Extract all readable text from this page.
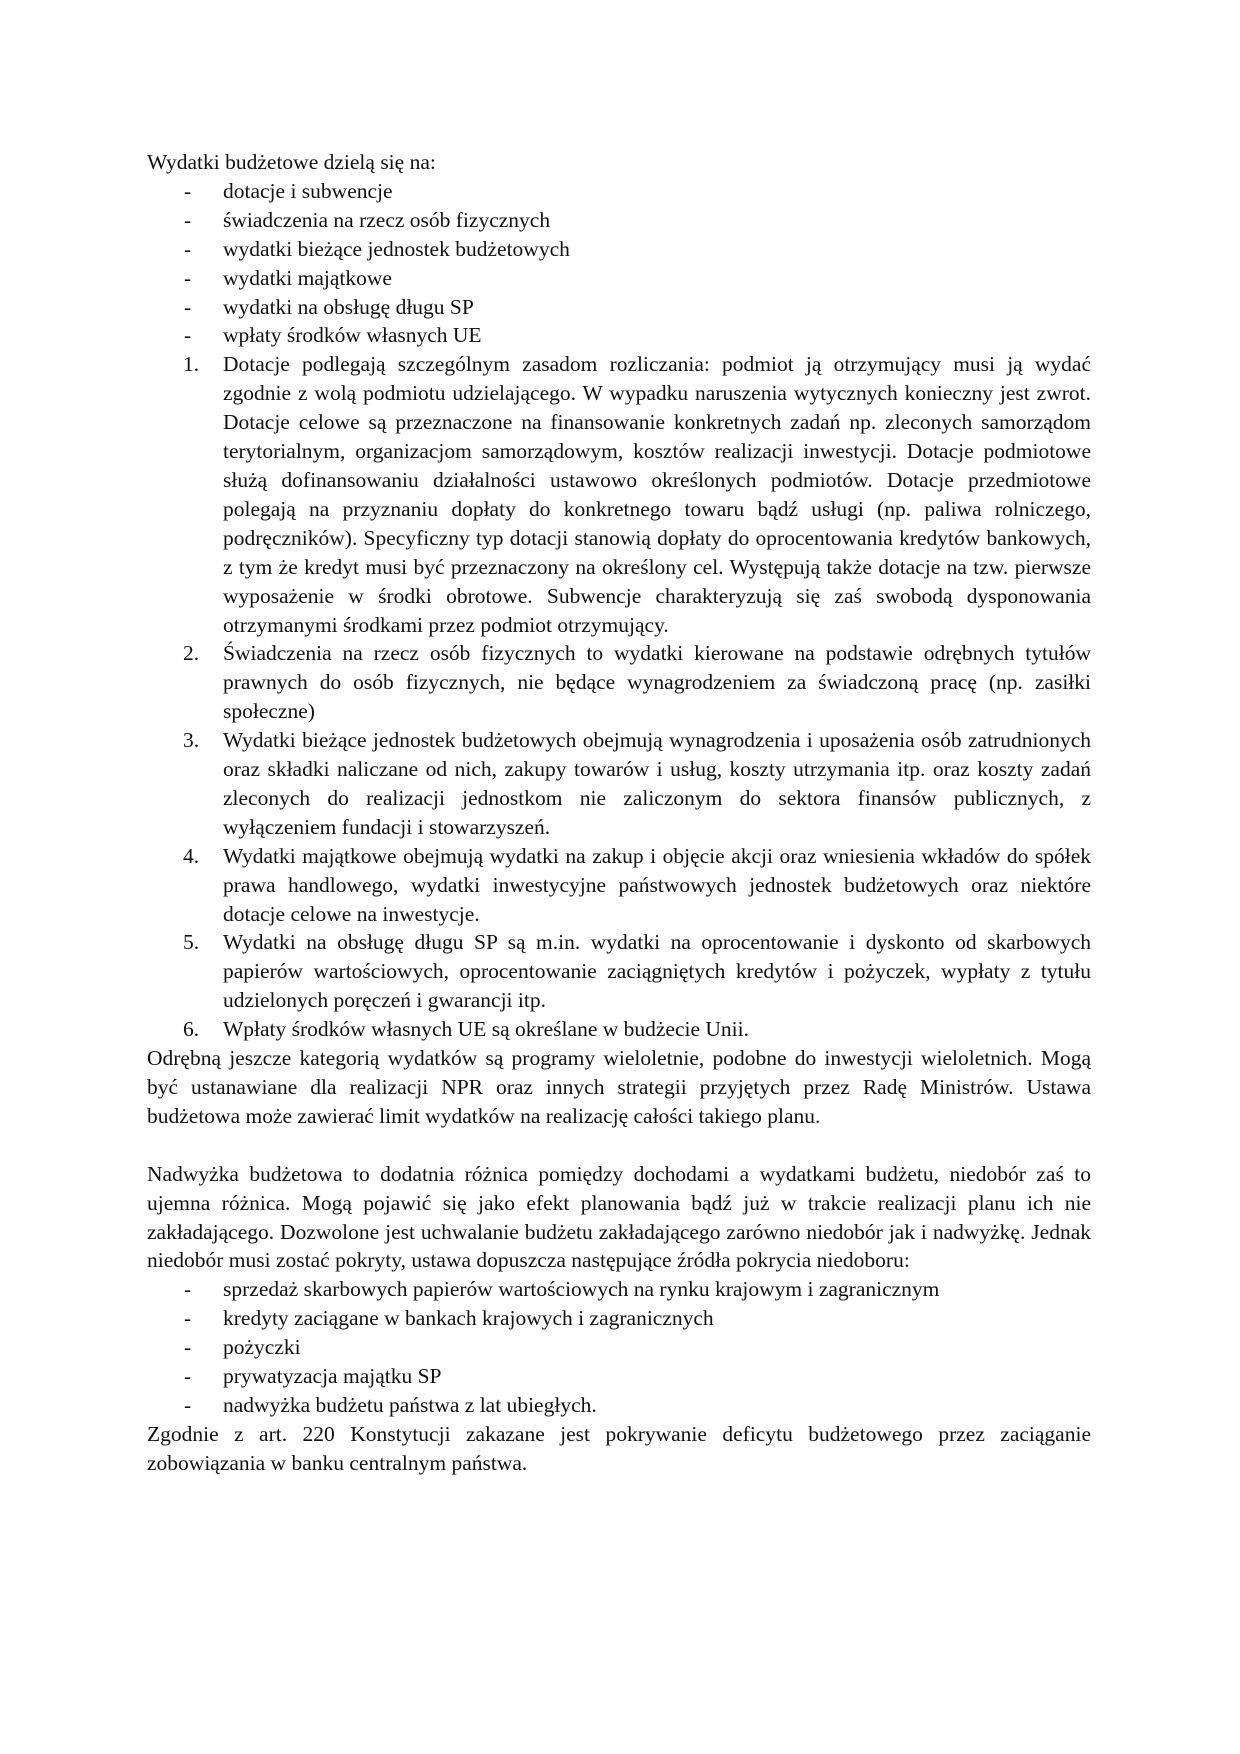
Wydatki budżetowe dzielą się na:

- dotacje i subwencje
- świadczenia na rzecz osób fizycznych
- wydatki bieżące jednostek budżetowych
- wydatki majątkowe
- wydatki na obsługę długu SP
- wpłaty środków własnych UE
1. Dotacje podlegają szczególnym zasadom rozliczania: podmiot ją otrzymujący musi ją wydać zgodnie z wolą podmiotu udzielającego. W wypadku naruszenia wytycznych konieczny jest zwrot. Dotacje celowe są przeznaczone na finansowanie konkretnych zadań np. zleconych samorządom terytorialnym, organizacjom samorządowym, kosztów realizacji inwestycji. Dotacje podmiotowe służą dofinansowaniu działalności ustawowo określonych podmiotów. Dotacje przedmiotowe polegają na przyznaniu dopłaty do konkretnego towaru bądź usługi (np. paliwa rolniczego, podręczników). Specyficzny typ dotacji stanowią dopłaty do oprocentowania kredytów bankowych, z tym że kredyt musi być przeznaczony na określony cel. Występują także dotacje na tzw. pierwsze wyposażenie w środki obrotowe. Subwencje charakteryzują się zaś swobodą dysponowania otrzymanymi środkami przez podmiot otrzymujący.
2. Świadczenia na rzecz osób fizycznych to wydatki kierowane na podstawie odrębnych tytułów prawnych do osób fizycznych, nie będące wynagrodzeniem za świadczoną pracę (np. zasiłki społeczne)
3. Wydatki bieżące jednostek budżetowych obejmują wynagrodzenia i uposażenia osób zatrudnionych oraz składki naliczane od nich, zakupy towarów i usług, koszty utrzymania itp. oraz koszty zadań zleconych do realizacji jednostkom nie zaliczonym do sektora finansów publicznych, z wyłączeniem fundacji i stowarzyszeń.
4. Wydatki majątkowe obejmują wydatki na zakup i objęcie akcji oraz wniesienia wkładów do spółek prawa handlowego, wydatki inwestycyjne państwowych jednostek budżetowych oraz niektóre dotacje celowe na inwestycje.
5. Wydatki na obsługę długu SP są m.in. wydatki na oprocentowanie i dyskonto od skarbowych papierów wartościowych, oprocentowanie zaciągniętych kredytów i pożyczek, wypłaty z tytułu udzielonych poręczeń i gwarancji itp.
6. Wpłaty środków własnych UE są określane w budżecie Unii.

Odrębną jeszcze kategorią wydatków są programy wieloletnie, podobne do inwestycji wieloletnich. Mogą być ustanawiane dla realizacji NPR oraz innych strategii przyjętych przez Radę Ministrów. Ustawa budżetowa może zawierać limit wydatków na realizację całości takiego planu.

Nadwyżka budżetowa to dodatnia różnica pomiędzy dochodami a wydatkami budżetu, niedobór zaś to ujemna różnica. Mogą pojawić się jako efekt planowania bądź już w trakcie realizacji planu ich nie zakładającego. Dozwolone jest uchwalanie budżetu zakładającego zarówno niedobór jak i nadwyżkę. Jednak niedobór musi zostać pokryty, ustawa dopuszcza następujące źródła pokrycia niedoboru:

- sprzedaż skarbowych papierów wartościowych na rynku krajowym i zagranicznym
- kredyty zaciągane w bankach krajowych i zagranicznych
- pożyczki
- prywatyzacja majątku SP
- nadwyżka budżetu państwa z lat ubiegłych.

Zgodnie z art. 220 Konstytucji zakazane jest pokrywanie deficytu budżetowego przez zaciąganie zobowiązania w banku centralnym państwa.
